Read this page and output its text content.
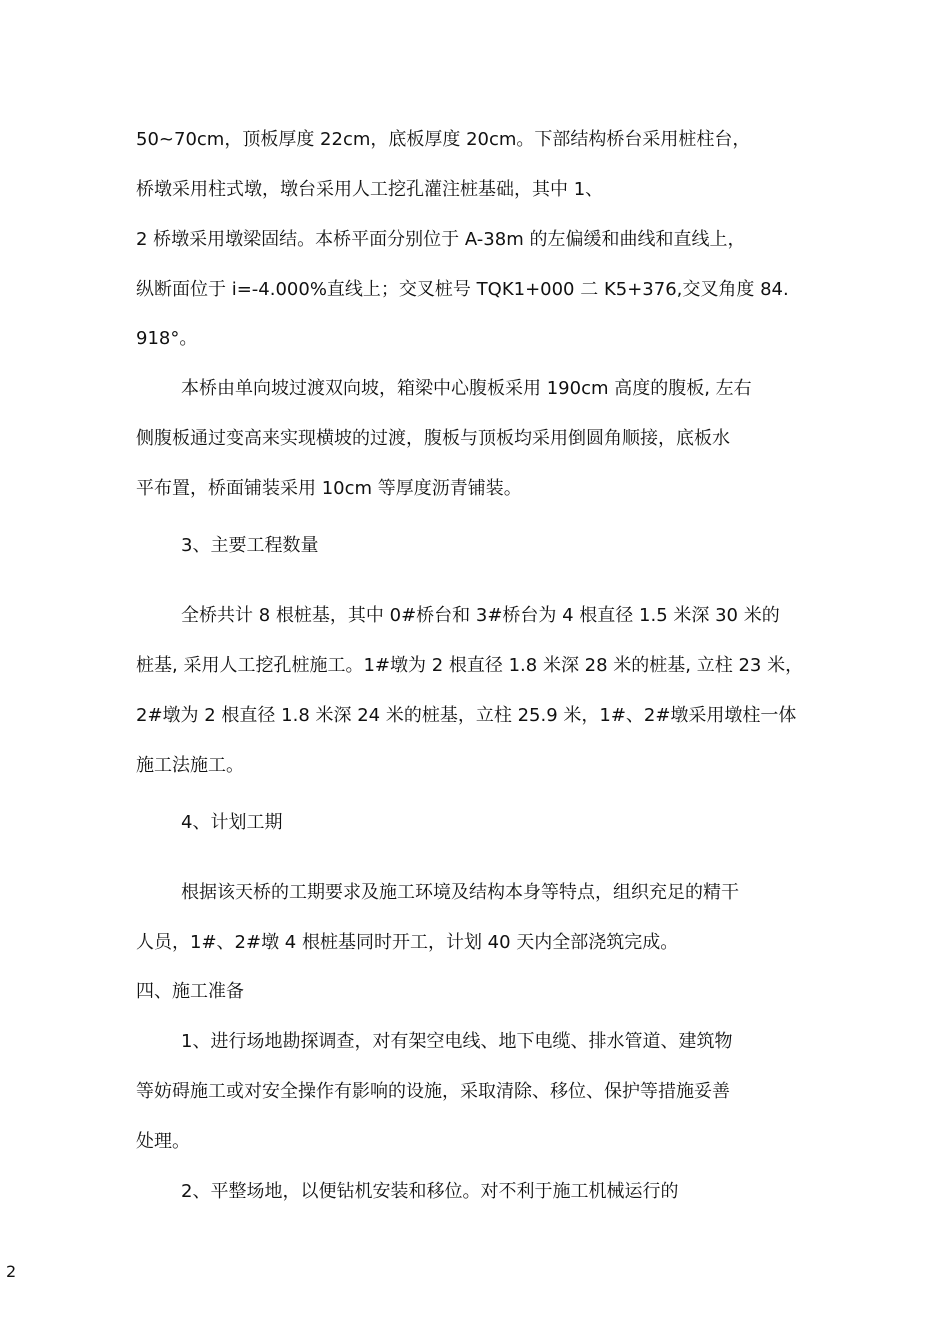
50~70cm，顶板厚度 22cm，底板厚度 20cm。下部结构桥台采用桩柱台，
桥墩采用柱式墩，墩台采用人工挖孔灌注桩基础，其中 1、
2 桥墩采用墩梁固结。本桥平面分别位于 A-38m 的左偏缓和曲线和直线上，
纵断面位于 i=-4.000%直线上；交叉桩号 TQK1+000 二 K5+376,交叉角度 84.
918°。
本桥由单向坡过渡双向坡，箱梁中心腹板采用 190cm 高度的腹板, 左右
侧腹板通过变高来实现横坡的过渡，腹板与顶板均采用倒圆角顺接，底板水
平布置，桥面铺装采用 10cm 等厚度沥青铺装。
3、主要工程数量
全桥共计 8 根桩基，其中 0#桥台和 3#桥台为 4 根直径 1.5 米深 30 米的
桩基, 采用人工挖孔桩施工。1#墩为 2 根直径 1.8 米深 28 米的桩基, 立柱 23 米，
2#墩为 2 根直径 1.8 米深 24 米的桩基，立柱 25.9 米，1#、2#墩采用墩柱一体
施工法施工。
4、计划工期
根据该天桥的工期要求及施工环境及结构本身等特点，组织充足的精干
人员，1#、2#墩 4 根桩基同时开工，计划 40 天内全部浇筑完成。
四、施工准备
1、进行场地勘探调查，对有架空电线、地下电缆、排水管道、建筑物
等妨碍施工或对安全操作有影响的设施，采取清除、移位、保护等措施妥善
处理。
2、平整场地，以便钻机安装和移位。对不利于施工机械运行的
2
